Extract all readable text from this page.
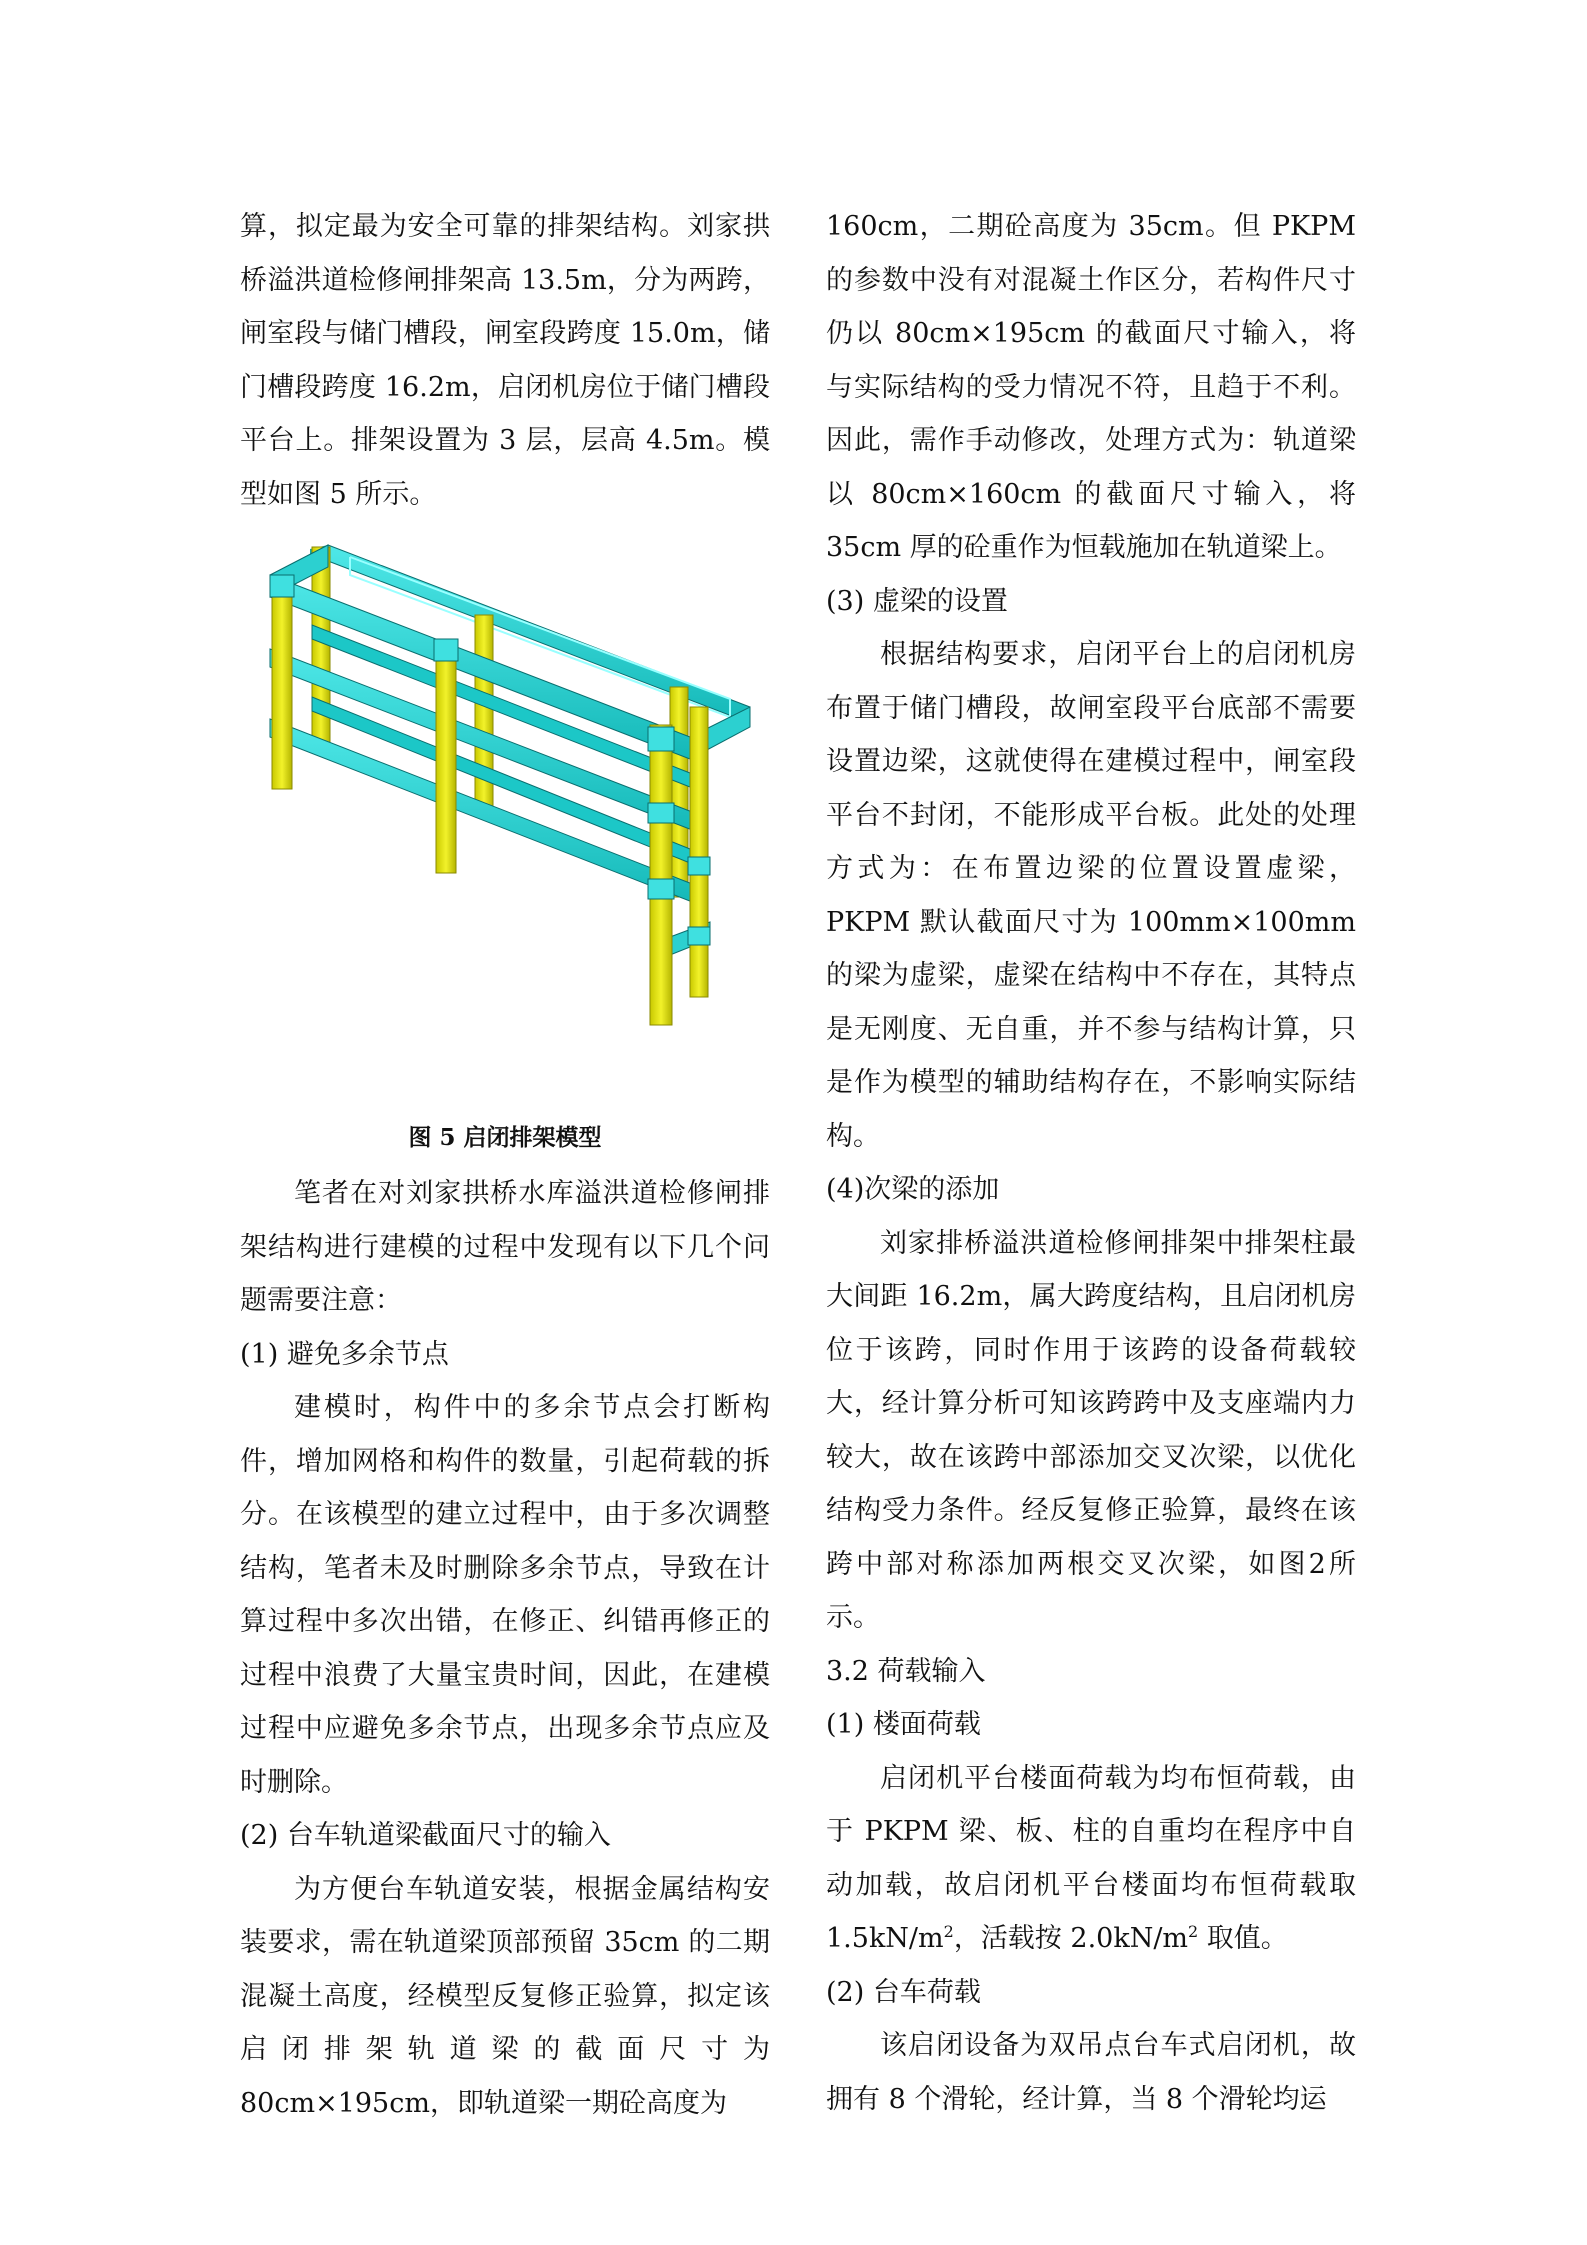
算，拟定最为安全可靠的排架结构。刘家拱桥溢洪道检修闸排架高 13.5m，分为两跨，闸室段与储门槽段，闸室段跨度 15.0m，储门槽段跨度 16.2m，启闭机房位于储门槽段平台上。排架设置为 3 层，层高 4.5m。模型如图 5 所示。

图 5 启闭排架模型

笔者在对刘家拱桥水库溢洪道检修闸排架结构进行建模的过程中发现有以下几个问题需要注意：

(1) 避免多余节点

建模时，构件中的多余节点会打断构件，增加网格和构件的数量，引起荷载的拆分。在该模型的建立过程中，由于多次调整结构，笔者未及时删除多余节点，导致在计算过程中多次出错，在修正、纠错再修正的过程中浪费了大量宝贵时间，因此，在建模过程中应避免多余节点，出现多余节点应及时删除。

(2) 台车轨道梁截面尺寸的输入

为方便台车轨道安装，根据金属结构安装要求，需在轨道梁顶部预留 35cm 的二期混凝土高度，经模型反复修正验算，拟定该启闭排架轨道梁的截面尺寸为 80cm×195cm，即轨道梁一期砼高度为

160cm，二期砼高度为 35cm。但 PKPM 的参数中没有对混凝土作区分，若构件尺寸仍以 80cm×195cm 的截面尺寸输入，将与实际结构的受力情况不符，且趋于不利。因此，需作手动修改，处理方式为：轨道梁以 80cm×160cm 的截面尺寸输入，将 35cm 厚的砼重作为恒载施加在轨道梁上。

(3) 虚梁的设置

根据结构要求，启闭平台上的启闭机房布置于储门槽段，故闸室段平台底部不需要设置边梁，这就使得在建模过程中，闸室段平台不封闭，不能形成平台板。此处的处理方式为：在布置边梁的位置设置虚梁，PKPM 默认截面尺寸为 100mm×100mm 的梁为虚梁，虚梁在结构中不存在，其特点是无刚度、无自重，并不参与结构计算，只是作为模型的辅助结构存在，不影响实际结构。

(4)次梁的添加

刘家排桥溢洪道检修闸排架中排架柱最大间距 16.2m，属大跨度结构，且启闭机房位于该跨，同时作用于该跨的设备荷载较大，经计算分析可知该跨跨中及支座端内力较大，故在该跨中部添加交叉次梁，以优化结构受力条件。经反复修正验算，最终在该跨中部对称添加两根交叉次梁，如图2所示。

3.2 荷载输入

(1) 楼面荷载

启闭机平台楼面荷载为均布恒荷载，由于 PKPM 梁、板、柱的自重均在程序中自动加载，故启闭机平台楼面均布恒荷载取 $1.5kN/m^2$，活载按 $2.0kN/m^2$ 取值。

(2) 台车荷载

该启闭设备为双吊点台车式启闭机，故拥有 8 个滑轮，经计算，当 8 个滑轮均运
